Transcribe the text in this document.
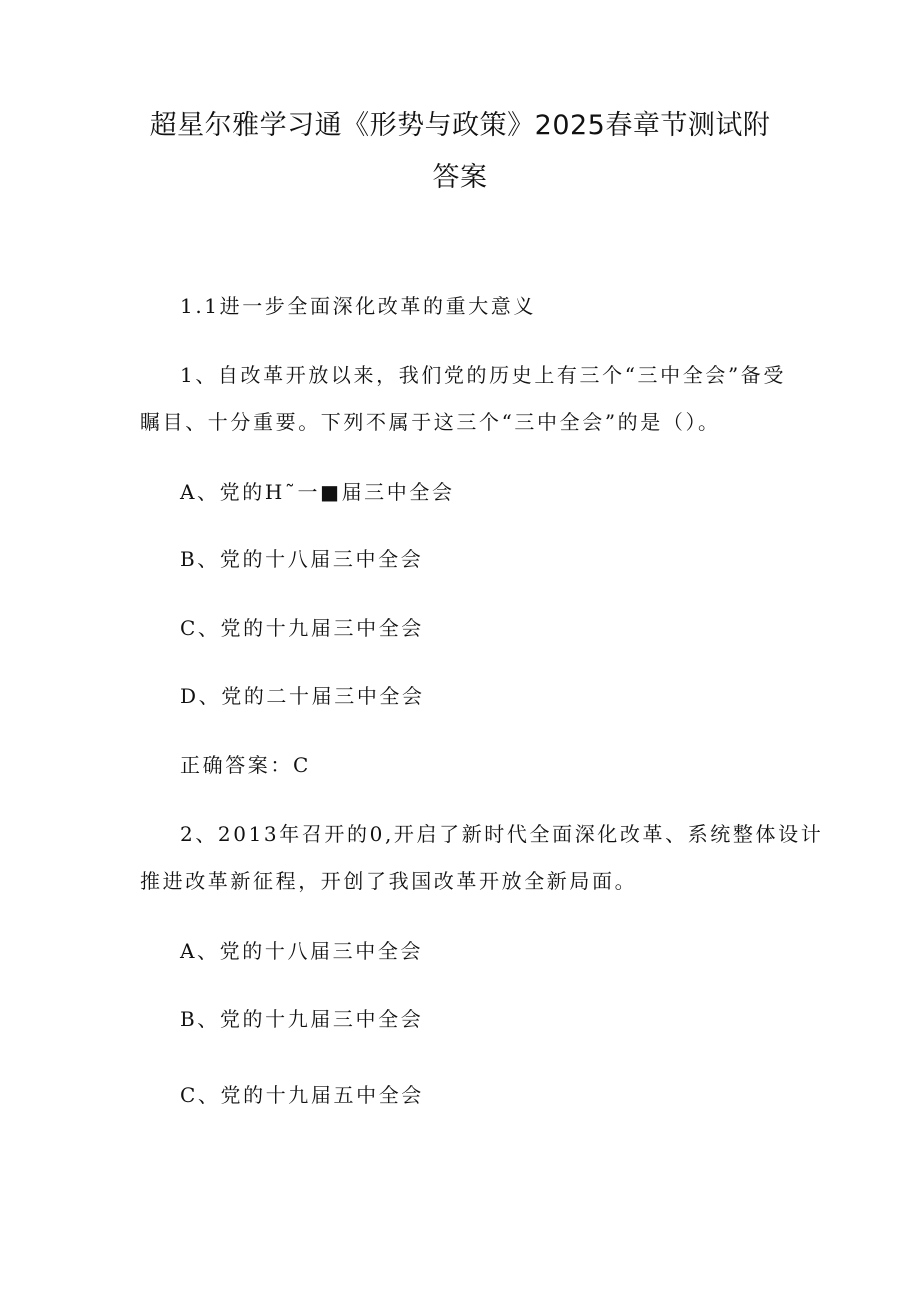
超星尔雅学习通《形势与政策》2025春章节测试附答案

1.1进一步全面深化改革的重大意义

1、自改革开放以来，我们党的历史上有三个“三中全会”备受

瞩目、十分重要。下列不属于这三个“三中全会”的是（）。

A、党的H˜一■届三中全会

B、党的十八届三中全会

C、党的十九届三中全会

D、党的二十届三中全会

正确答案：C

2、2013年召开的0,开启了新时代全面深化改革、系统整体设计

推进改革新征程，开创了我国改革开放全新局面。

A、党的十八届三中全会

B、党的十九届三中全会

C、党的十九届五中全会
